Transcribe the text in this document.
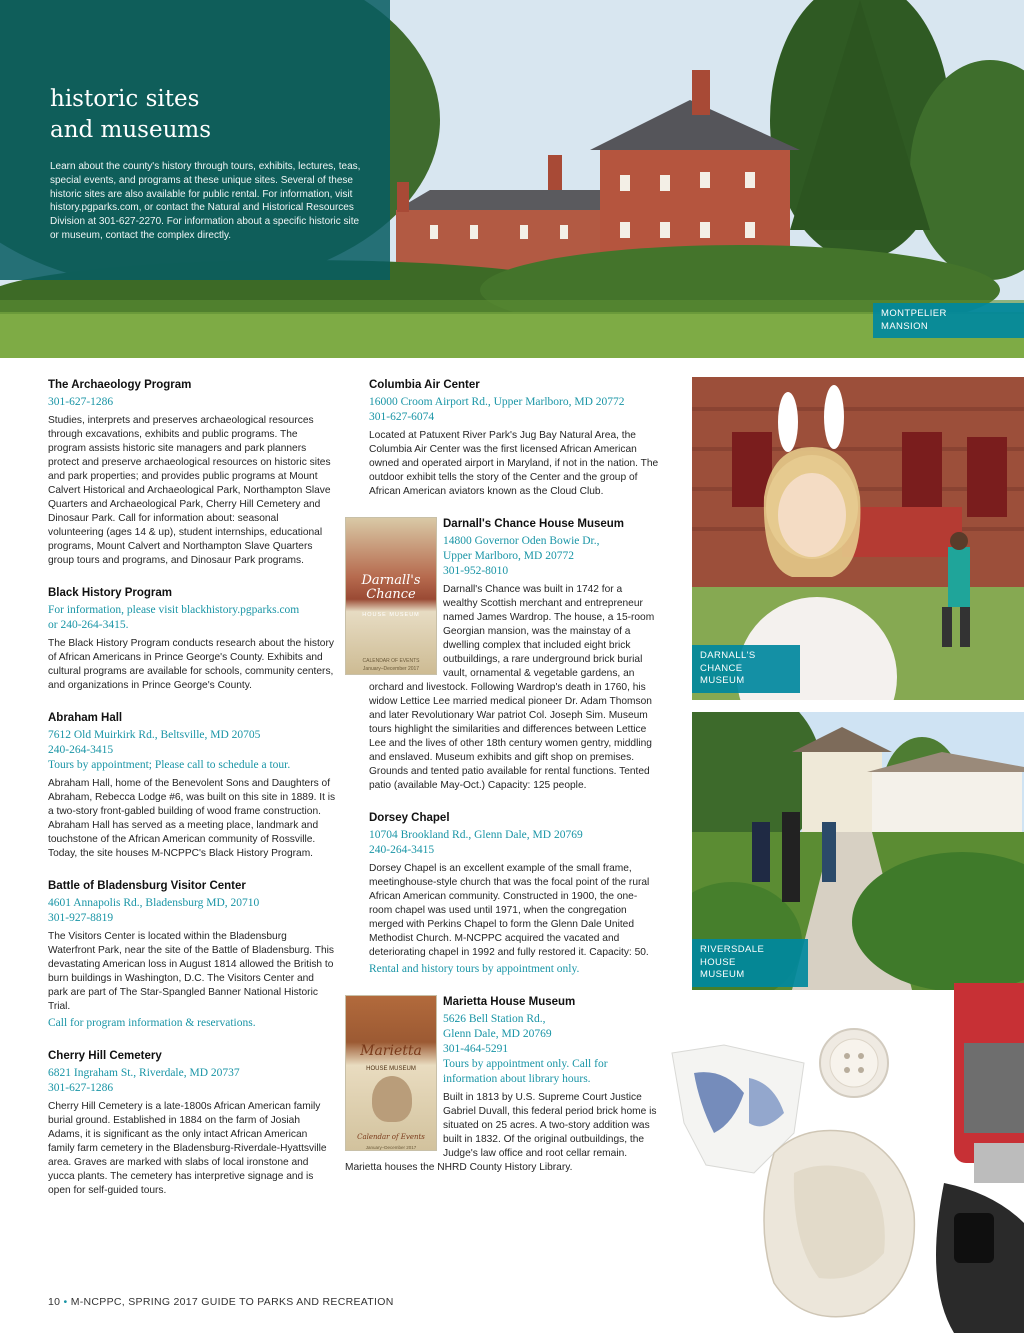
historic sites
and museums

Learn about the county's history through tours, exhibits, lectures, teas, special events, and programs at these unique sites. Several of these historic sites are also available for public rental. For information, visit history.pgparks.com, or contact the Natural and Historical Resources Division at 301-627-2270. For information about a specific historic site or museum, contact the complex directly.

MONTPELIER
MANSION
The Archaeology Program
301-627-1286

Studies, interprets and preserves archaeological resources through excavations, exhibits and public programs. The program assists historic site managers and park planners protect and preserve archaeological resources on historic sites and park properties; and provides public programs at Mount Calvert Historical and Archaeological Park, Northampton Slave Quarters and Archaeological Park, Cherry Hill Cemetery and Dinosaur Park. Call for information about: seasonal volunteering (ages 14 & up), student internships, educational programs, Mount Calvert and Northampton Slave Quarters group tours and programs, and Dinosaur Park programs.

Black History Program
For information, please visit blackhistory.pgparks.com
or 240-264-3415.

The Black History Program conducts research about the history of African Americans in Prince George's County. Exhibits and cultural programs are available for schools, community centers, and organizations in Prince George's County.

Abraham Hall
7612 Old Muirkirk Rd., Beltsville, MD 20705
240-264-3415
Tours by appointment; Please call to schedule a tour.

Abraham Hall, home of the Benevolent Sons and Daughters of Abraham, Rebecca Lodge #6, was built on this site in 1889. It is a two-story front-gabled building of wood frame construction. Abraham Hall has served as a meeting place, landmark and touchstone of the African American community of Rossville. Today, the site houses M-NCPPC's Black History Program.

Battle of Bladensburg Visitor Center
4601 Annapolis Rd., Bladensburg MD, 20710
301-927-8819

The Visitors Center is located within the Bladensburg Waterfront Park, near the site of the Battle of Bladensburg. This devastating American loss in August 1814 allowed the British to burn buildings in Washington, D.C. The Visitors Center and park are part of The Star-Spangled Banner National Historic Trial.

Call for program information & reservations.
Cherry Hill Cemetery
6821 Ingraham St., Riverdale, MD 20737
301-627-1286

Cherry Hill Cemetery is a late-1800s African American family burial ground. Established in 1884 on the farm of Josiah Adams, it is significant as the only intact African American family farm cemetery in the Bladensburg-Riverdale-Hyattsville area. Graves are marked with slabs of local ironstone and yucca plants. The cemetery has interpretive signage and is open for self-guided tours.

Columbia Air Center
16000 Croom Airport Rd., Upper Marlboro, MD 20772
301-627-6074

Located at Patuxent River Park's Jug Bay Natural Area, the Columbia Air Center was the first licensed African American owned and operated airport in Maryland, if not in the nation. The outdoor exhibit tells the story of the Center and the group of African American aviators known as the Cloud Club.

Darnall's
Chance
HOUSE MUSEUM
CALENDAR OF EVENTS
January–December 2017
Darnall's Chance House Museum
14800 Governor Oden Bowie Dr.,
Upper Marlboro, MD 20772
301-952-8010

Darnall's Chance was built in 1742 for a wealthy Scottish merchant and entrepreneur named James Wardrop. The house, a 15-room Georgian mansion, was the mainstay of a dwelling complex that included eight brick outbuildings, a rare underground brick burial vault, ornamental & vegetable gardens, an orchard and livestock. Following Wardrop's death in 1760, his widow Lettice Lee married medical pioneer Dr. Adam Thomson and later Revolutionary War patriot Col. Joseph Sim. Museum tours highlight the similarities and differences between Lettice Lee and the lives of other 18th century women gentry, middling and enslaved. Museum exhibits and gift shop on premises. Grounds and tented patio available for rental functions. Tented patio (available May-Oct.) Capacity: 125 people.

Dorsey Chapel
10704 Brookland Rd., Glenn Dale, MD 20769
240-264-3415

Dorsey Chapel is an excellent example of the small frame, meetinghouse-style church that was the focal point of the rural African American community. Constructed in 1900, the one-room chapel was used until 1971, when the congregation merged with Perkins Chapel to form the Glenn Dale United Methodist Church. M-NCPPC acquired the vacated and deteriorating chapel in 1992 and fully restored it. Capacity: 50.

Rental and history tours by appointment only.
Marietta
HOUSE MUSEUM
Calendar of Events
January–December 2017
Marietta House Museum
5626 Bell Station Rd.,
Glenn Dale, MD 20769
301-464-5291
Tours by appointment only. Call for
information about library hours.

Built in 1813 by U.S. Supreme Court Justice Gabriel Duvall, this federal period brick home is situated on 25 acres. A two-story addition was built in 1832. Of the original outbuildings, the Judge's law office and root cellar remain. Marietta houses the NHRD County History Library.

DARNALL'S CHANCE
MUSEUM
RIVERSDALE HOUSE
MUSEUM
10 • M-NCPPC, SPRING 2017 GUIDE TO PARKS AND RECREATION
